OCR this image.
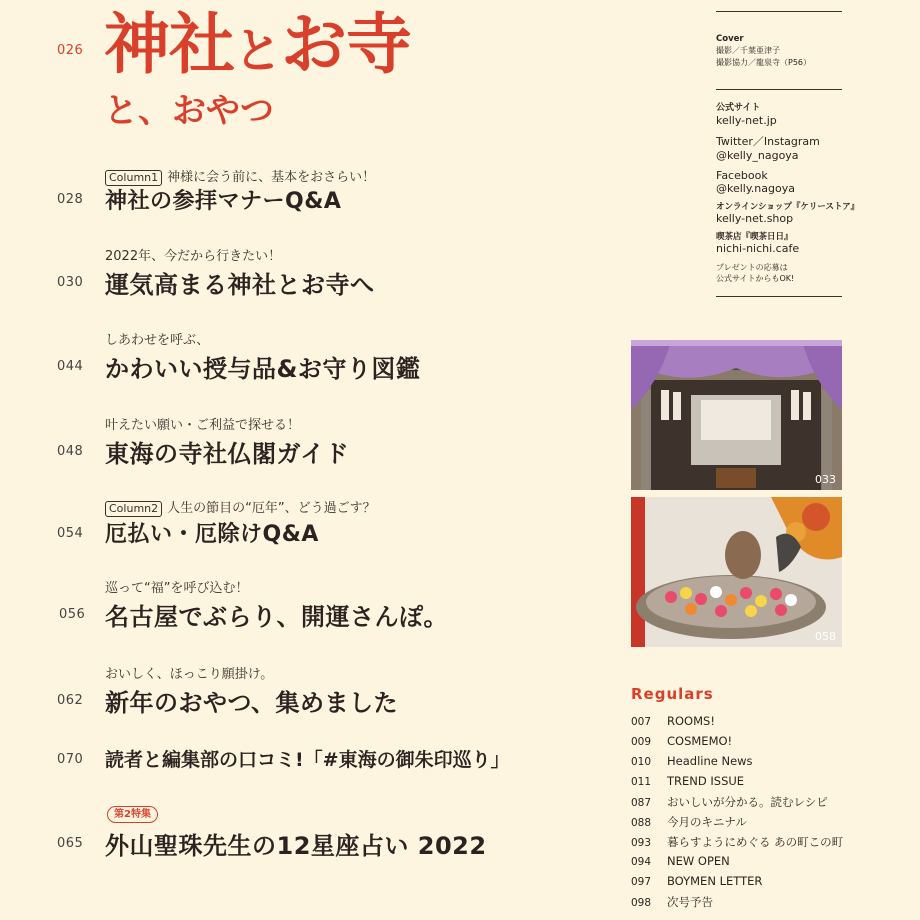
026 神社とお寺
と、おやつ
Column1 神様に会う前に、基本をおさらい！
028 神社の参拝マナーQ&A
2022年、今だから行きたい！
030 運気高まる神社とお寺へ
しあわせを呼ぶ、
044 かわいい授与品&お守り図鑑
叶えたい願い・ご利益で探せる！
048 東海の寺社仏閣ガイド
Column2 人生の節目の“厄年”、どう過ごす？
054 厄払い・厄除けQ&A
巡って“福”を呼び込む！
056 名古屋でぶらり、開運さんぽ。
おいしく、ほっこり願掛け。
062 新年のおやつ、集めました
070 読者と編集部の口コミ!「#東海の御朱印巡り」
第2特集
065 外山聖珠先生の12星座占い 2022
Cover
撮影／千葉亜津子
撮影協力／龍泉寺（P56）
公式サイト
kelly-net.jp
Twitter／Instagram
@kelly_nagoya
Facebook
@kelly.nagoya
オンラインショップ『ケリーストア』
kelly-net.shop
喫茶店『喫茶日日』
nichi-nichi.cafe
プレゼントの応募は
公式サイトからもOK!
033
058
Regulars
007 ROOMS!
009 COSMEMO!
010 Headline News
011 TREND ISSUE
087 おいしいが分かる。読むレシピ
088 今月のキニナル
093 暮らすようにめぐる あの町この町
094 NEW OPEN
097 BOYMEN LETTER
098 次号予告
